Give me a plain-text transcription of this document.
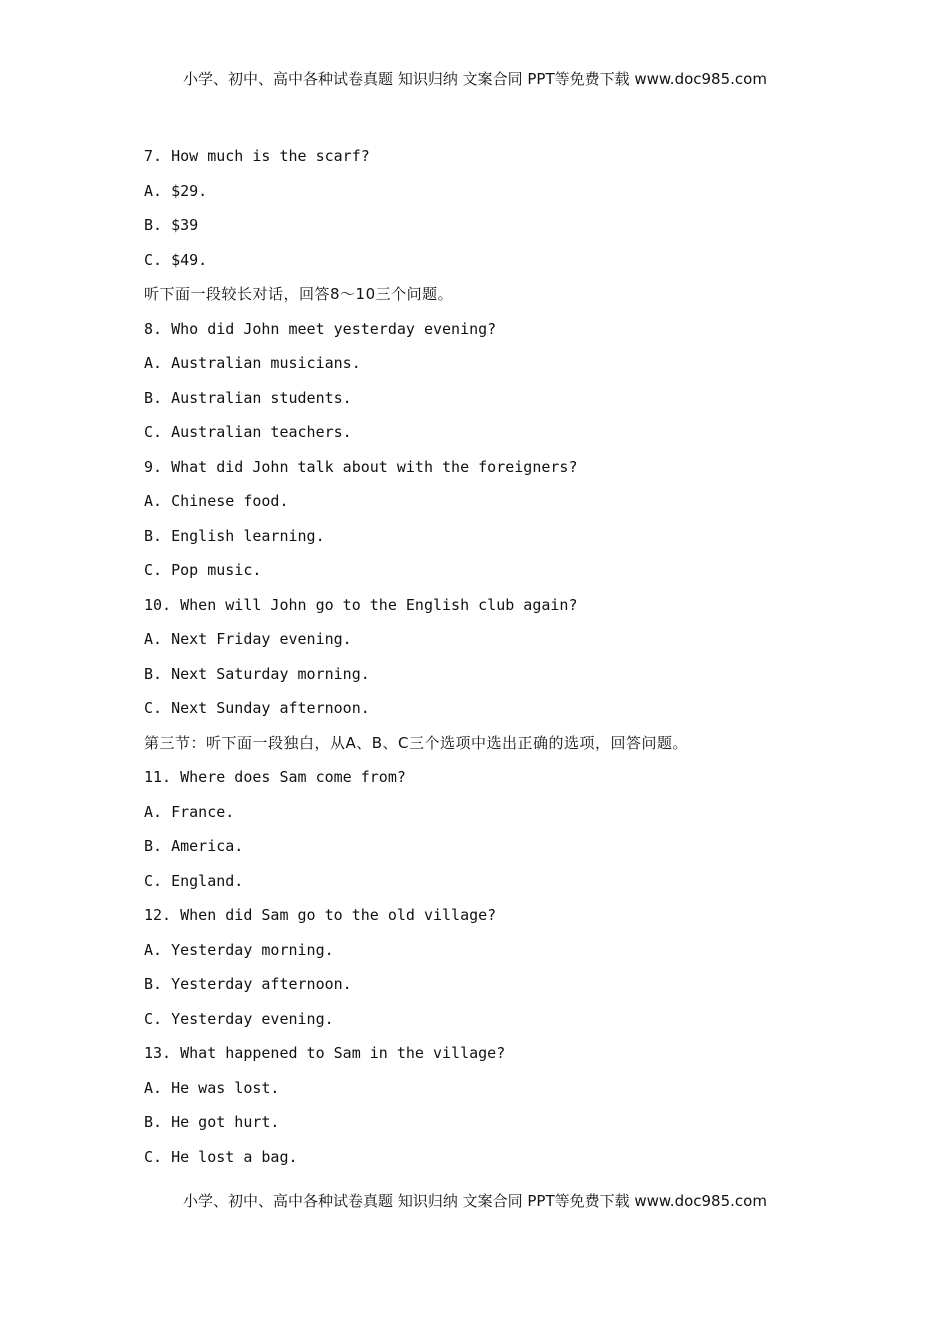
小学、初中、高中各种试卷真题 知识归纳 文案合同 PPT等免费下载 www.doc985.com
7. How much is the scarf?
A. $29.
B. $39
C. $49.
听下面一段较长对话，回答8～10三个问题。
8. Who did John meet yesterday evening?
A. Australian musicians.
B. Australian students.
C. Australian teachers.
9. What did John talk about with the foreigners?
A. Chinese food.
B. English learning.
C. Pop music.
10. When will John go to the English club again?
A. Next Friday evening.
B. Next Saturday morning.
C. Next Sunday afternoon.
第三节：听下面一段独白，从A、B、C三个选项中选出正确的选项，回答问题。
11. Where does Sam come from?
A. France.
B. America.
C. England.
12. When did Sam go to the old village?
A. Yesterday morning.
B. Yesterday afternoon.
C. Yesterday evening.
13. What happened to Sam in the village?
A. He was lost.
B. He got hurt.
C. He lost a bag.
小学、初中、高中各种试卷真题 知识归纳 文案合同 PPT等免费下载 www.doc985.com
